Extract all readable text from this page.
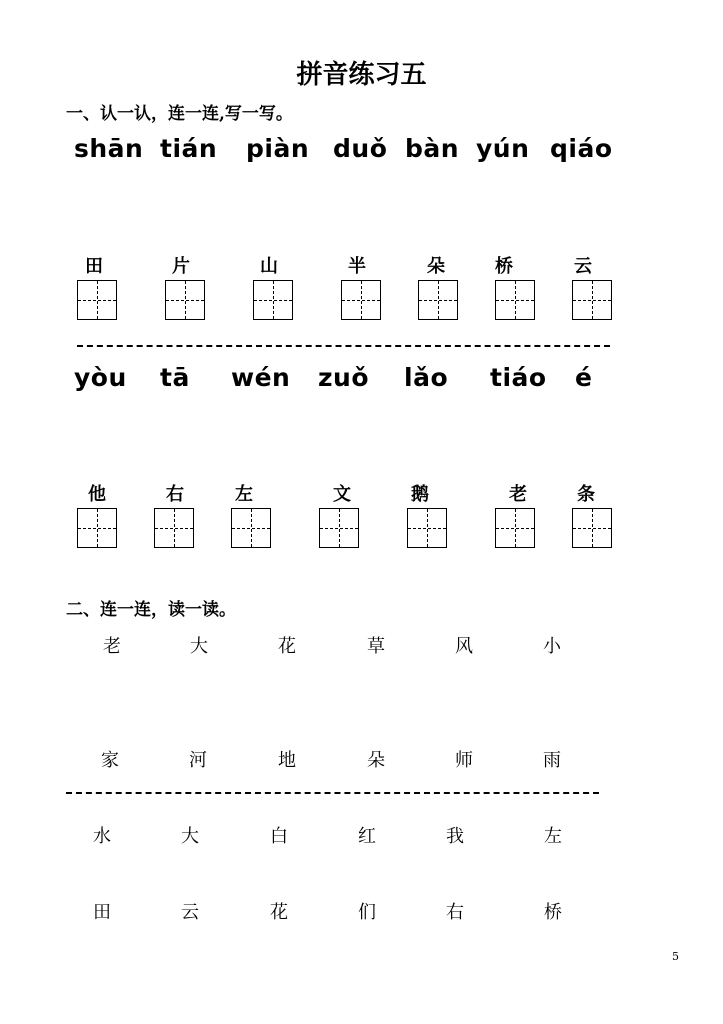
拼音练习五
一、认一认，连一连,写一写。
shān tián piàn duǒ bàn yún qiáo
田	片	山	半	朵	桥	云
yòu tā wén zuǒ lǎo tiáo é
他	右	左	文	鹅	老	条
二、连一连，读一读。
老	大	花	草	风	小
家	河	地	朵	师	雨
水	大	白	红	我	左
田	云	花	们	右	桥
5
